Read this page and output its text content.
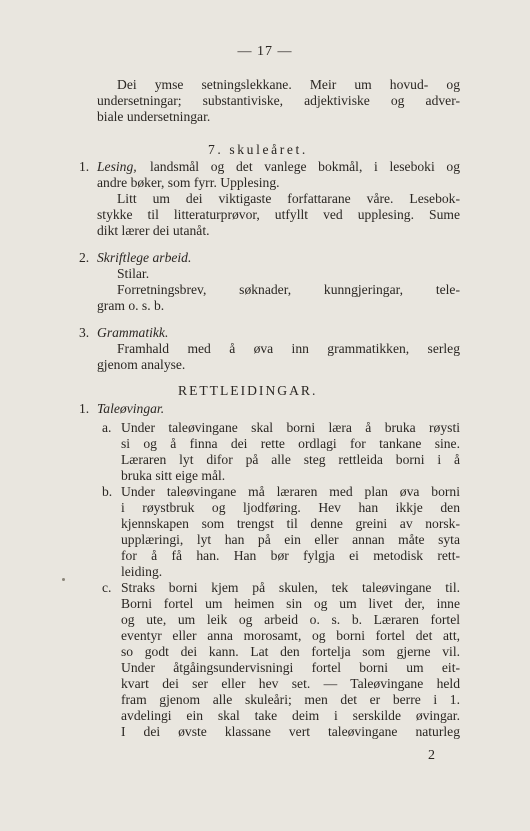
— 17 —
Dei ymse setningslekkane. Meir um hovud- og
undersetningar; substantiviske, adjektiviske og adver-
biale undersetningar.
7. skuleåret.
1. Lesing, landsmål og det vanlege bokmål, i leseboki og
andre bøker, som fyrr. Upplesing.
Litt um dei viktigaste forfattarane våre. Lesebok-
stykke til litteraturprøvor, utfyllt ved upplesing. Sume
dikt lærer dei utanåt.
2. Skriftlege arbeid.
Stilar.
Forretningsbrev, søknader, kunngjeringar, tele-
gram o. s. b.
3. Grammatikk.
Framhald med å øva inn grammatikken, serleg
gjenom analyse.
RETTLEIDINGAR.
1. Taleøvingar.
a. Under taleøvingane skal borni læra å bruka røysti
si og å finna dei rette ordlagi for tankane sine.
Læraren lyt difor på alle steg rettleida borni i å
bruka sitt eige mål.
b. Under taleøvingane må læraren med plan øva borni
i røystbruk og ljodføring. Hev han ikkje den
kjennskapen som trengst til denne greini av norsk-
upplæringi, lyt han på ein eller annan måte syta
for å få han. Han bør fylgja ei metodisk rett-
leiding.
c. Straks borni kjem på skulen, tek taleøvingane til.
Borni fortel um heimen sin og um livet der, inne
og ute, um leik og arbeid o. s. b. Læraren fortel
eventyr eller anna morosamt, og borni fortel det att,
so godt dei kann. Lat den fortelja som gjerne vil.
Under åtgåingsundervisningi fortel borni um eit-
kvart dei ser eller hev set. — Taleøvingane held
fram gjenom alle skuleåri; men det er berre i 1.
avdelingi ein skal take deim i serskilde øvingar.
I dei øvste klassane vert taleøvingane naturleg
2
